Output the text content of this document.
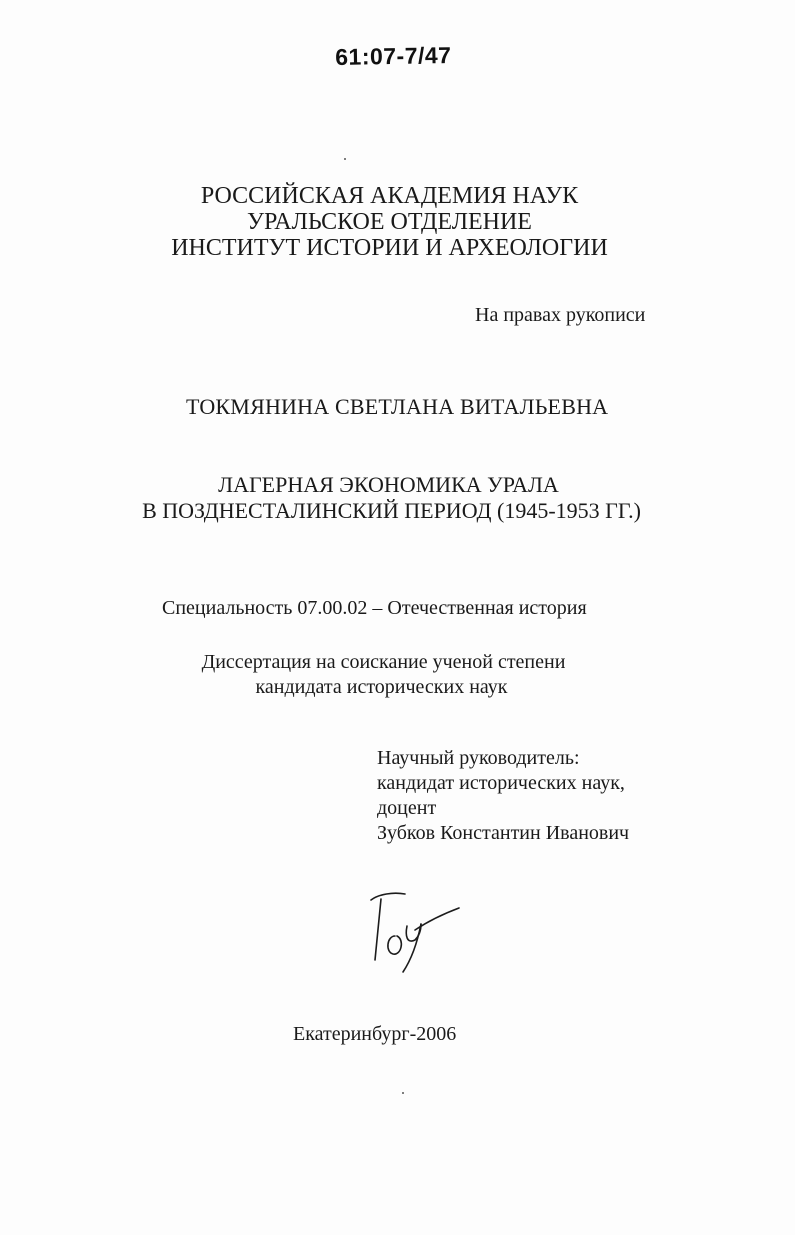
61:07-7/47
РОССИЙСКАЯ АКАДЕМИЯ НАУК
УРАЛЬСКОЕ ОТДЕЛЕНИЕ
ИНСТИТУТ ИСТОРИИ И АРХЕОЛОГИИ
На правах рукописи
ТОКМЯНИНА СВЕТЛАНА ВИТАЛЬЕВНА
ЛАГЕРНАЯ ЭКОНОМИКА УРАЛА
В ПОЗДНЕСТАЛИНСКИЙ ПЕРИОД (1945-1953 ГГ.)
Специальность 07.00.02 – Отечественная история
Диссертация на соискание ученой степени
кандидата исторических наук
Научный руководитель:
кандидат исторических наук,
доцент
Зубков Константин Иванович
Екатеринбург-2006
